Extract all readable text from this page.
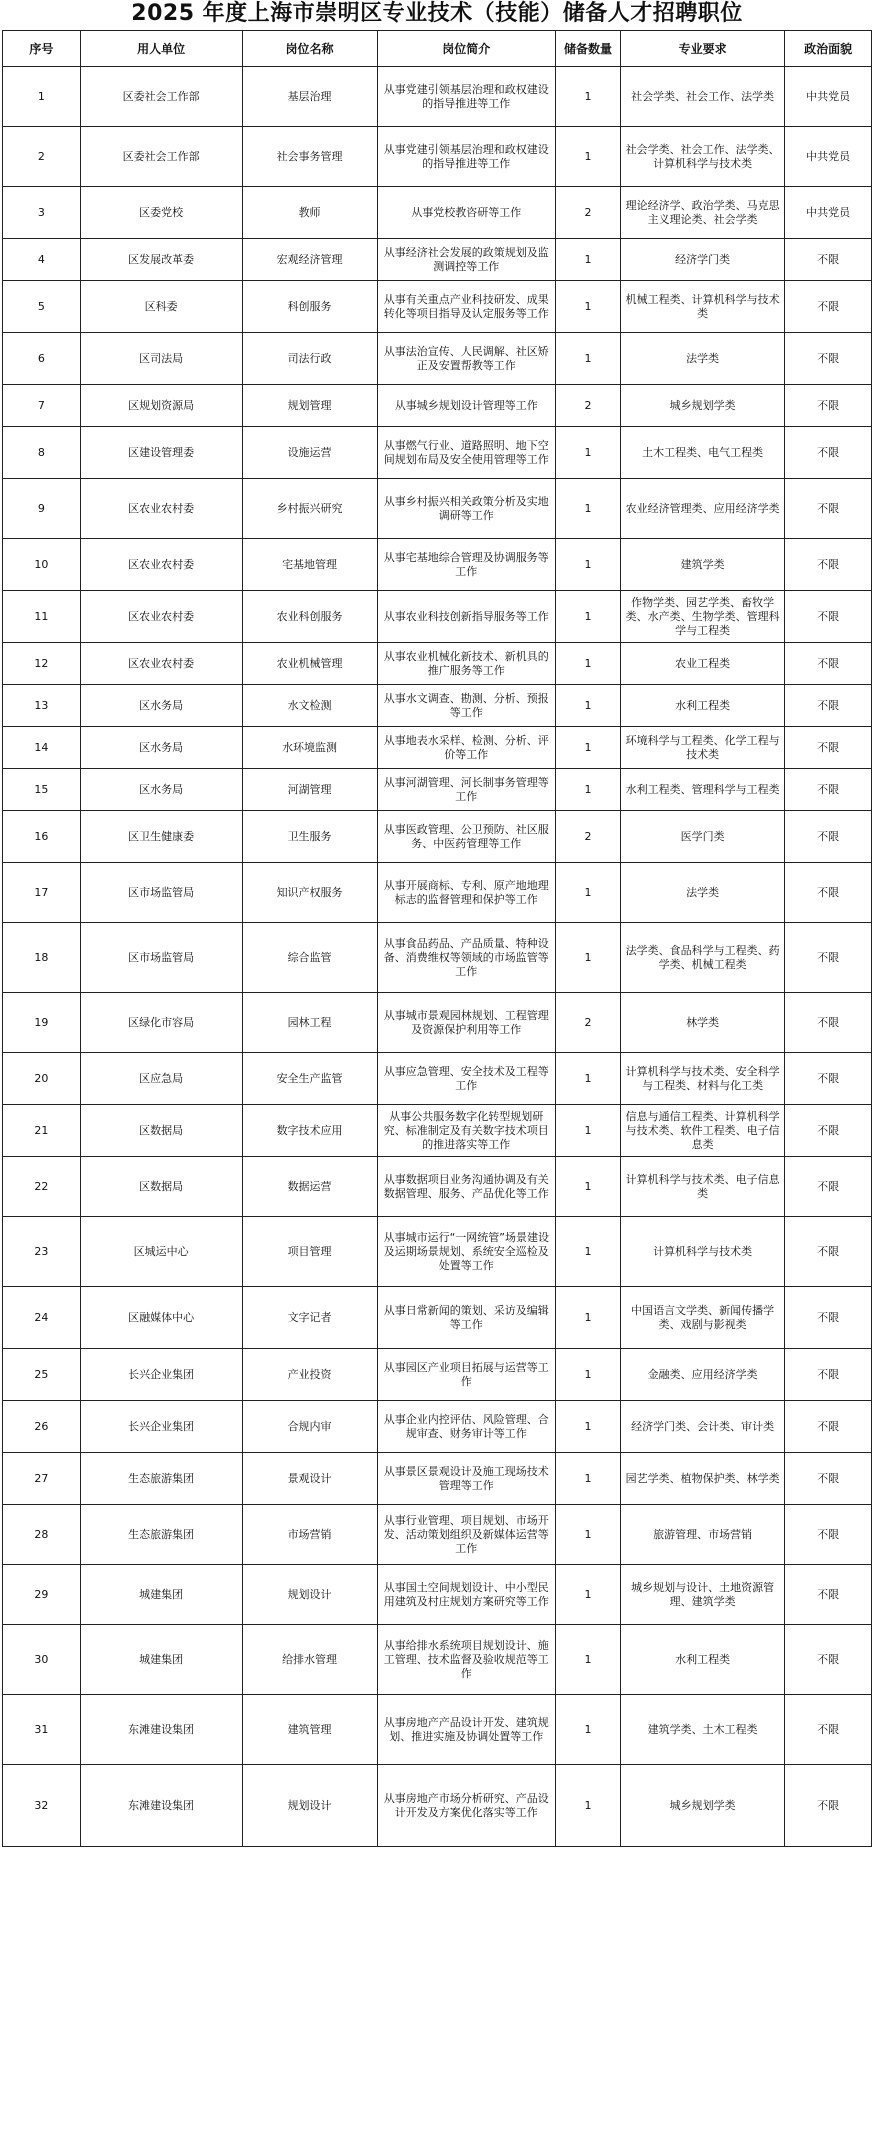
2025 年度上海市崇明区专业技术（技能）储备人才招聘职位
序号	用人单位	岗位名称	岗位简介	储备数量	专业要求	政治面貌
1	区委社会工作部	基层治理	从事党建引领基层治理和政权建设的指导推进等工作	1	社会学类、社会工作、法学类	中共党员
2	区委社会工作部	社会事务管理	从事党建引领基层治理和政权建设的指导推进等工作	1	社会学类、社会工作、法学类、计算机科学与技术类	中共党员
3	区委党校	教师	从事党校教咨研等工作	2	理论经济学、政治学类、马克思主义理论类、社会学类	中共党员
4	区发展改革委	宏观经济管理	从事经济社会发展的政策规划及监测调控等工作	1	经济学门类	不限
5	区科委	科创服务	从事有关重点产业科技研发、成果转化等项目指导及认定服务等工作	1	机械工程类、计算机科学与技术类	不限
6	区司法局	司法行政	从事法治宣传、人民调解、社区矫正及安置帮教等工作	1	法学类	不限
7	区规划资源局	规划管理	从事城乡规划设计管理等工作	2	城乡规划学类	不限
8	区建设管理委	设施运营	从事燃气行业、道路照明、地下空间规划布局及安全使用管理等工作	1	土木工程类、电气工程类	不限
9	区农业农村委	乡村振兴研究	从事乡村振兴相关政策分析及实地调研等工作	1	农业经济管理类、应用经济学类	不限
10	区农业农村委	宅基地管理	从事宅基地综合管理及协调服务等工作	1	建筑学类	不限
11	区农业农村委	农业科创服务	从事农业科技创新指导服务等工作	1	作物学类、园艺学类、畜牧学类、水产类、生物学类、管理科学与工程类	不限
12	区农业农村委	农业机械管理	从事农业机械化新技术、新机具的推广服务等工作	1	农业工程类	不限
13	区水务局	水文检测	从事水文调查、勘测、分析、预报等工作	1	水利工程类	不限
14	区水务局	水环境监测	从事地表水采样、检测、分析、评价等工作	1	环境科学与工程类、化学工程与技术类	不限
15	区水务局	河湖管理	从事河湖管理、河长制事务管理等工作	1	水利工程类、管理科学与工程类	不限
16	区卫生健康委	卫生服务	从事医政管理、公卫预防、社区服务、中医药管理等工作	2	医学门类	不限
17	区市场监管局	知识产权服务	从事开展商标、专利、原产地地理标志的监督管理和保护等工作	1	法学类	不限
18	区市场监管局	综合监管	从事食品药品、产品质量、特种设备、消费维权等领域的市场监管等工作	1	法学类、食品科学与工程类、药学类、机械工程类	不限
19	区绿化市容局	园林工程	从事城市景观园林规划、工程管理及资源保护利用等工作	2	林学类	不限
20	区应急局	安全生产监管	从事应急管理、安全技术及工程等工作	1	计算机科学与技术类、安全科学与工程类、材料与化工类	不限
21	区数据局	数字技术应用	从事公共服务数字化转型规划研究、标准制定及有关数字技术项目的推进落实等工作	1	信息与通信工程类、计算机科学与技术类、软件工程类、电子信息类	不限
22	区数据局	数据运营	从事数据项目业务沟通协调及有关数据管理、服务、产品优化等工作	1	计算机科学与技术类、电子信息类	不限
23	区城运中心	项目管理	从事城市运行“一网统管”场景建设及运期场景规划、系统安全巡检及处置等工作	1	计算机科学与技术类	不限
24	区融媒体中心	文字记者	从事日常新闻的策划、采访及编辑等工作	1	中国语言文学类、新闻传播学类、戏剧与影视类	不限
25	长兴企业集团	产业投资	从事园区产业项目拓展与运营等工作	1	金融类、应用经济学类	不限
26	长兴企业集团	合规内审	从事企业内控评估、风险管理、合规审查、财务审计等工作	1	经济学门类、会计类、审计类	不限
27	生态旅游集团	景观设计	从事景区景观设计及施工现场技术管理等工作	1	园艺学类、植物保护类、林学类	不限
28	生态旅游集团	市场营销	从事行业管理、项目规划、市场开发、活动策划组织及新媒体运营等工作	1	旅游管理、市场营销	不限
29	城建集团	规划设计	从事国土空间规划设计、中小型民用建筑及村庄规划方案研究等工作	1	城乡规划与设计、土地资源管理、建筑学类	不限
30	城建集团	给排水管理	从事给排水系统项目规划设计、施工管理、技术监督及验收规范等工作	1	水利工程类	不限
31	东滩建设集团	建筑管理	从事房地产产品设计开发、建筑规划、推进实施及协调处置等工作	1	建筑学类、土木工程类	不限
32	东滩建设集团	规划设计	从事房地产市场分析研究、产品设计开发及方案优化落实等工作	1	城乡规划学类	不限
